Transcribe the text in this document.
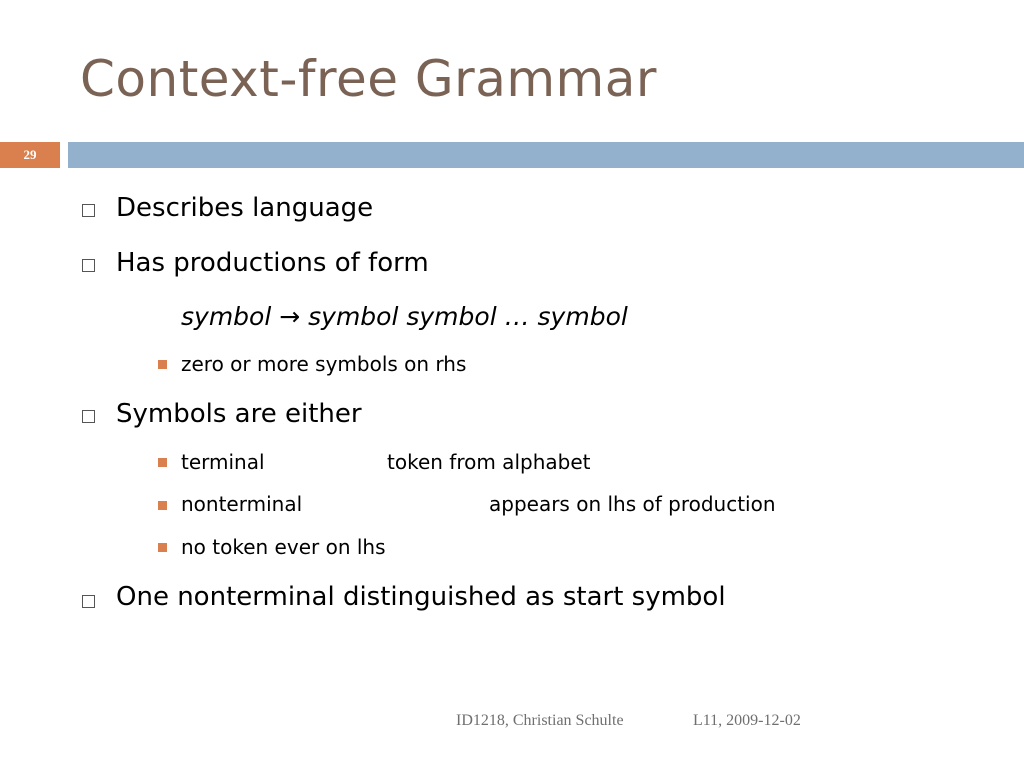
Context-free Grammar
29
Describes language
Has productions of form
symbol → symbol symbol … symbol
zero or more symbols on rhs
Symbols are either
terminal	token from alphabet
nonterminal	appears on lhs of production
no token ever on lhs
One nonterminal distinguished as start symbol
ID1218, Christian Schulte	L11, 2009-12-02
